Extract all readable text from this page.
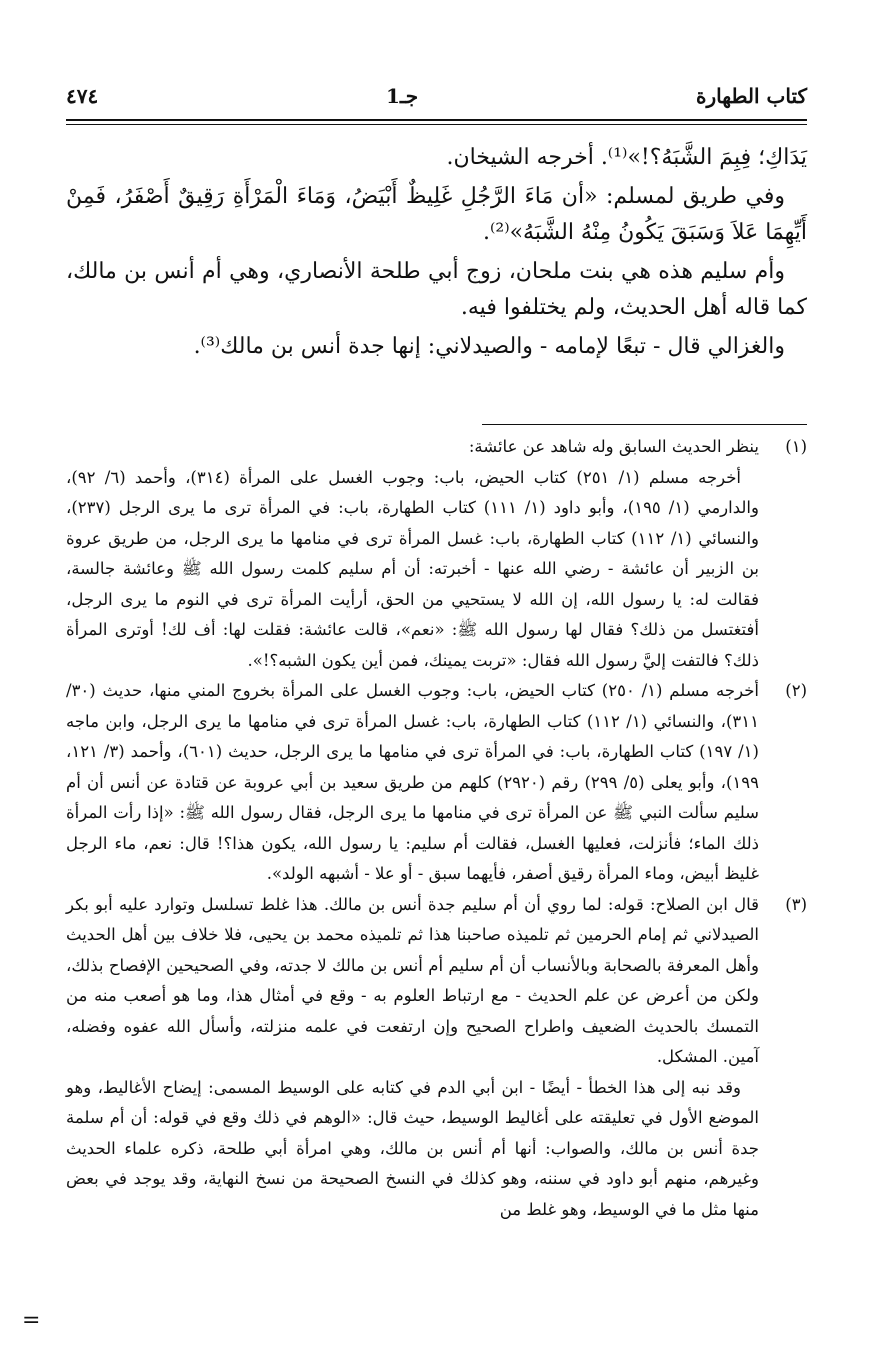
كتاب الطهارة
جـ1
٤٧٤

يَدَاكِ؛ فِبِمَ الشَّبَهُ؟!»⁽¹⁾. أخرجه الشيخان.

وفي طريق لمسلم: «أن مَاءَ الرَّجُلِ غَلِيظٌ أَبْيَضُ، وَمَاءَ الْمَرْأَةِ رَقِيقٌ أَصْفَرُ، فَمِنْ أَيِّهِمَا عَلاَ وَسَبَقَ يَكُونُ مِنْهُ الشَّبَهُ»⁽²⁾.

وأم سليم هذه هي بنت ملحان، زوج أبي طلحة الأنصاري، وهي أم أنس بن مالك، كما قاله أهل الحديث، ولم يختلفوا فيه.

والغزالي قال - تبعًا لإمامه - والصيدلاني: إنها جدة أنس بن مالك⁽³⁾.

(١)

ينظر الحديث السابق وله شاهد عن عائشة:

أخرجه مسلم (١/ ٢٥١) كتاب الحيض، باب: وجوب الغسل على المرأة (٣١٤)، وأحمد (٦/ ٩٢)، والدارمي (١/ ١٩٥)، وأبو داود (١/ ١١١) كتاب الطهارة، باب: في المرأة ترى ما يرى الرجل (٢٣٧)، والنسائي (١/ ١١٢) كتاب الطهارة، باب: غسل المرأة ترى في منامها ما يرى الرجل، من طريق عروة بن الزبير أن عائشة - رضي الله عنها - أخبرته: أن أم سليم كلمت رسول الله ﷺ وعائشة جالسة، فقالت له: يا رسول الله، إن الله لا يستحيي من الحق، أرأيت المرأة ترى في النوم ما يرى الرجل، أفتغتسل من ذلك؟ فقال لها رسول الله ﷺ: «نعم»، قالت عائشة: فقلت لها: أف لك! أوترى المرأة ذلك؟ فالتفت إليَّ رسول الله فقال: «تربت يمينك، فمن أين يكون الشبه؟!».

(٢)

أخرجه مسلم (١/ ٢٥٠) كتاب الحيض، باب: وجوب الغسل على المرأة بخروج المني منها، حديث (٣٠/ ٣١١)، والنسائي (١/ ١١٢) كتاب الطهارة، باب: غسل المرأة ترى في منامها ما يرى الرجل، وابن ماجه (١/ ١٩٧) كتاب الطهارة، باب: في المرأة ترى في منامها ما يرى الرجل، حديث (٦٠١)، وأحمد (٣/ ١٢١، ١٩٩)، وأبو يعلى (٥/ ٢٩٩) رقم (٢٩٢٠) كلهم من طريق سعيد بن أبي عروبة عن قتادة عن أنس أن أم سليم سألت النبي ﷺ عن المرأة ترى في منامها ما يرى الرجل، فقال رسول الله ﷺ: «إذا رأت المرأة ذلك الماء؛ فأنزلت، فعليها الغسل، فقالت أم سليم: يا رسول الله، يكون هذا؟! قال: نعم، ماء الرجل غليظ أبيض، وماء المرأة رقيق أصفر، فأيهما سبق - أو علا - أشبهه الولد».

(٣)

قال ابن الصلاح: قوله: لما روي أن أم سليم جدة أنس بن مالك. هذا غلط تسلسل وتوارد عليه أبو بكر الصيدلاني ثم إمام الحرمين ثم تلميذه صاحبنا هذا ثم تلميذه محمد بن يحيى، فلا خلاف بين أهل الحديث وأهل المعرفة بالصحابة وبالأنساب أن أم سليم أم أنس بن مالك لا جدته، وفي الصحيحين الإفصاح بذلك، ولكن من أعرض عن علم الحديث - مع ارتباط العلوم به - وقع في أمثال هذا، وما هو أصعب منه من التمسك بالحديث الضعيف واطراح الصحيح وإن ارتفعت في علمه منزلته، وأسأل الله عفوه وفضله، آمين. المشكل.

وقد نبه إلى هذا الخطأ - أيضًا - ابن أبي الدم في كتابه على الوسيط المسمى: إيضاح الأغاليط، وهو الموضع الأول في تعليقته على أغاليط الوسيط، حيث قال: «الوهم في ذلك وقع في قوله: أن أم سلمة جدة أنس بن مالك، والصواب: أنها أم أنس بن مالك، وهي امرأة أبي طلحة، ذكره علماء الحديث وغيرهم، منهم أبو داود في سننه، وهو كذلك في النسخ الصحيحة من نسخ النهاية، وقد يوجد في بعض منها مثل ما في الوسيط، وهو غلط من

=
